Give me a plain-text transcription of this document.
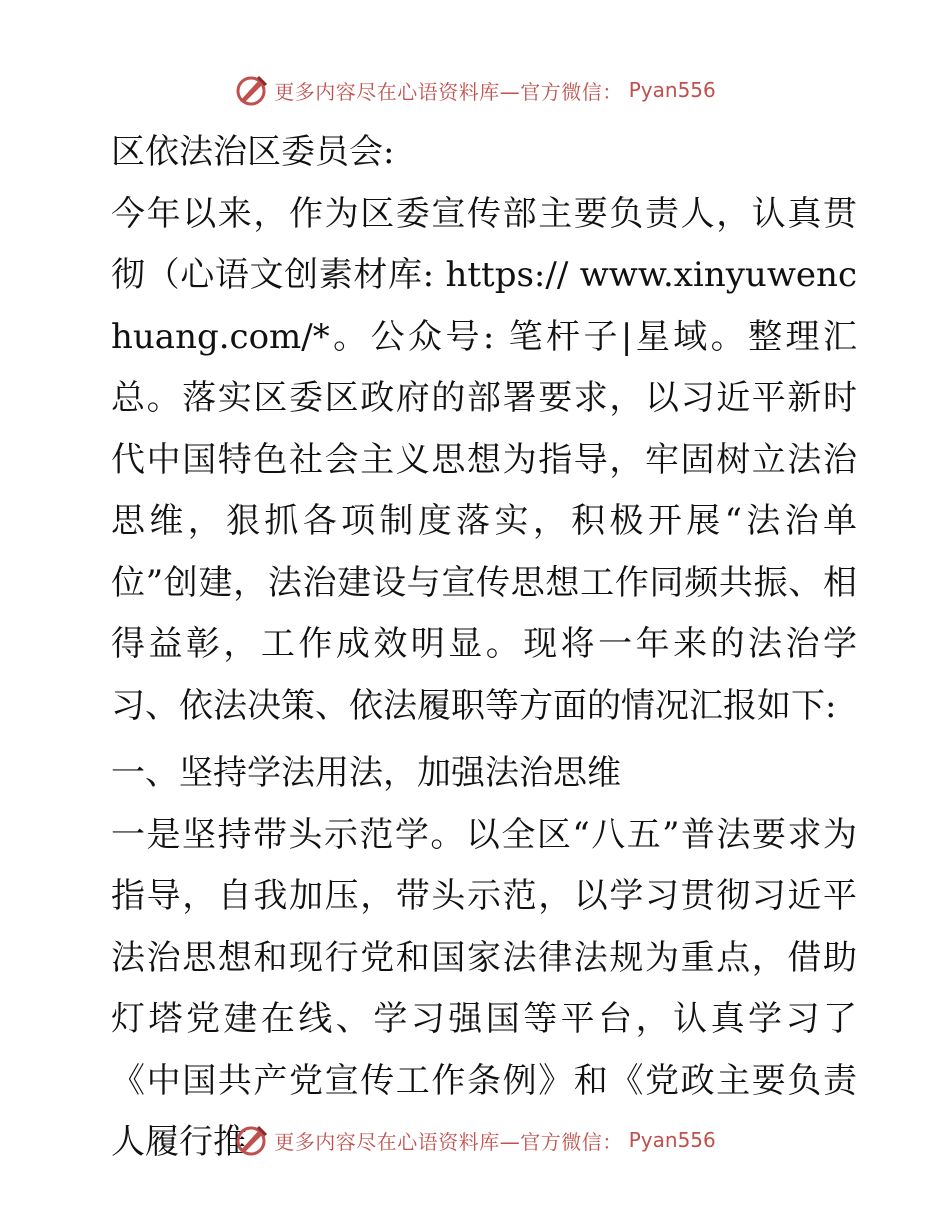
更多内容尽在心语资料库—官方微信： Pyan556

区依法治区委员会:

今年以来，作为区委宣传部主要负责人，认真贯彻（心语文创素材库: https:// www.xinyuwenchuang.com/*。公众号: 笔杆子|星域。整理汇总。落实区委区政府的部署要求，以习近平新时代中国特色社会主义思想为指导，牢固树立法治思维，狠抓各项制度落实，积极开展“法治单位”创建，法治建设与宣传思想工作同频共振、相得益彰，工作成效明显。现将一年来的法治学习、依法决策、依法履职等方面的情况汇报如下:

一、坚持学法用法，加强法治思维

一是坚持带头示范学。以全区“八五”普法要求为指导，自我加压，带头示范，以学习贯彻习近平法治思想和现行党和国家法律法规为重点，借助灯塔党建在线、学习强国等平台，认真学习了《中国共产党宣传工作条例》和《党政主要负责人履行推	更多内容尽在心语资料库—官方微信： Pyan556
